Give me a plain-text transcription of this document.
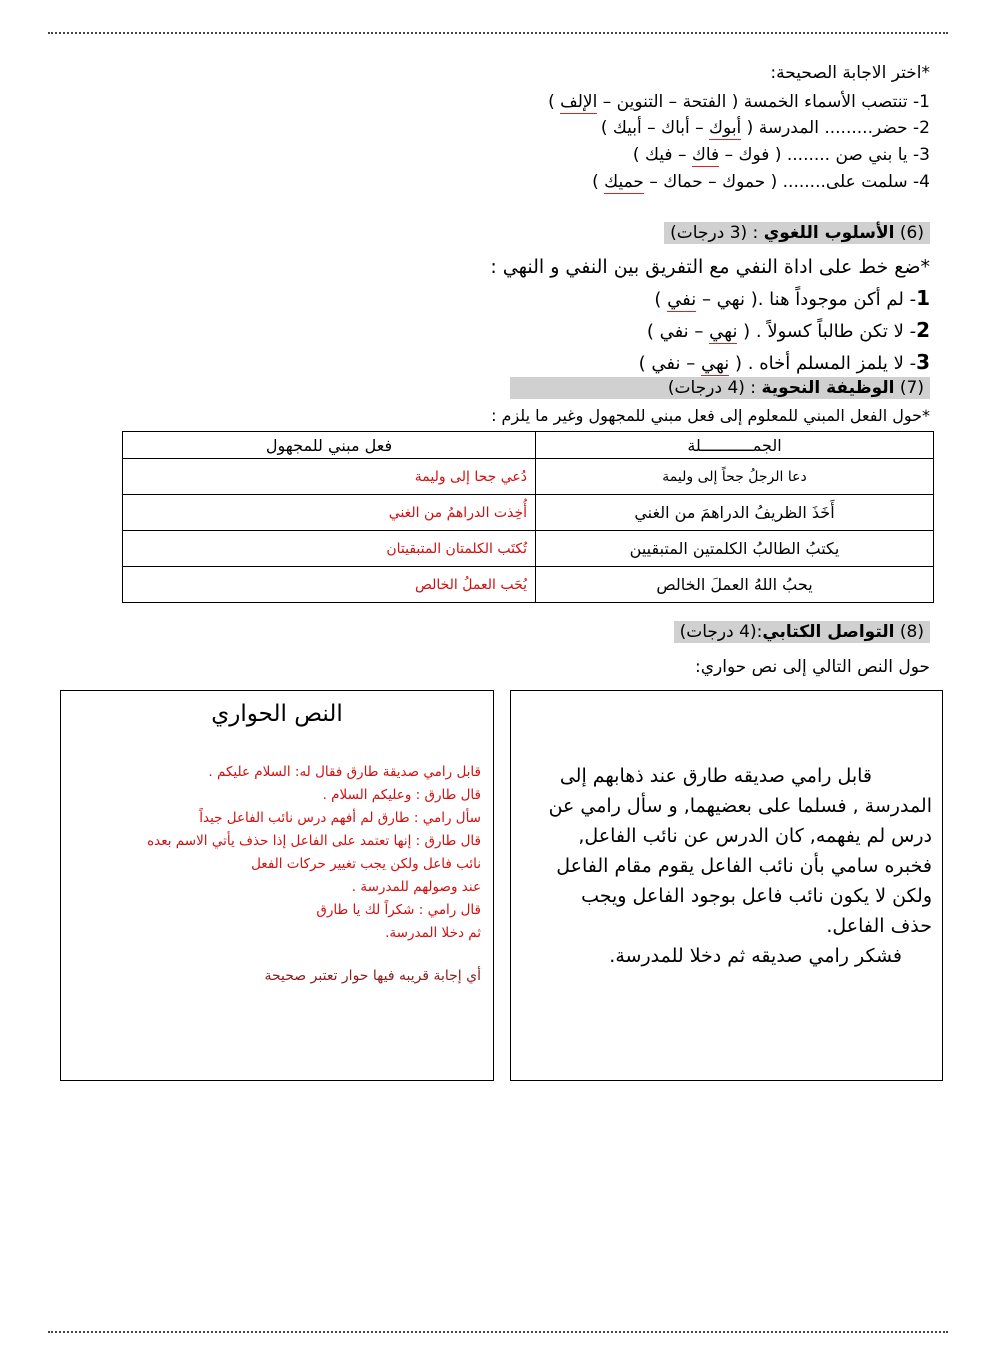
*اختر الاجابة الصحيحة:
1- تنتصب الأسماء الخمسة ( الفتحة – التنوين – الإلف )
2- حضر......... المدرسة ( أبوك – أباك – أبيك )
3- يا بني صن ........ ( فوك – فاك – فيك )
4- سلمت على........ ( حموك – حماك – حميك )
(6) الأسلوب اللغوي : (3 درجات)
*ضع خط على اداة النفي مع التفريق بين النفي و النهي :
1- لم أكن موجوداً هنا .( نهي – نفي )
2- لا تكن طالباً كسولاً . ( نهي – نفي )
3- لا يلمز المسلم أخاه . ( نهي – نفي )
(7) الوظيفة النحوية : (4 درجات)
*حول الفعل المبني للمعلوم إلى فعل مبني للمجهول وغير ما يلزم :
الجمـــــــــــلة	فعل مبني للمجهول
دعا الرجلُ جحاً إلى وليمة	دُعي جحا إلى وليمة
أَخَذَ الظريفُ الدراهمَ من الغني	أُخِذت الدراهمُ من الغني
يكتبُ الطالبُ الكلمتين المتبقيين	تُكتَب الكلمتان المتبقيتان
يحبُ اللهُ العملَ الخالص	يُحَب العملُ الخالص
(8) التواصل الكتابي:(4 درجات)
حول النص التالي إلى نص حواري:
قابل رامي صديقه طارق عند ذهابهم إلى
المدرسة , فسلما على بعضيهما, و سأل رامي عن
درس لم يفهمه, كان الدرس عن نائب الفاعل,
فخبره سامي بأن نائب الفاعل يقوم مقام الفاعل
ولكن لا يكون نائب فاعل بوجود الفاعل ويجب
حذف الفاعل.
فشكر رامي صديقه ثم دخلا للمدرسة.
النص الحواري
قابل رامي صديقة طارق فقال له: السلام عليكم .
قال طارق : وعليكم السلام .
سأل رامي : طارق لم أفهم درس نائب الفاعل جيداً
قال طارق : إنها تعتمد على الفاعل إذا حذف يأتي الاسم بعده
نائب فاعل ولكن يجب تغيير حركات الفعل
عند وصولهم للمدرسة .
قال رامي : شكراً لك يا طارق
ثم دخلا المدرسة.
أي إجابة قريبه فيها حوار تعتبر صحيحة
